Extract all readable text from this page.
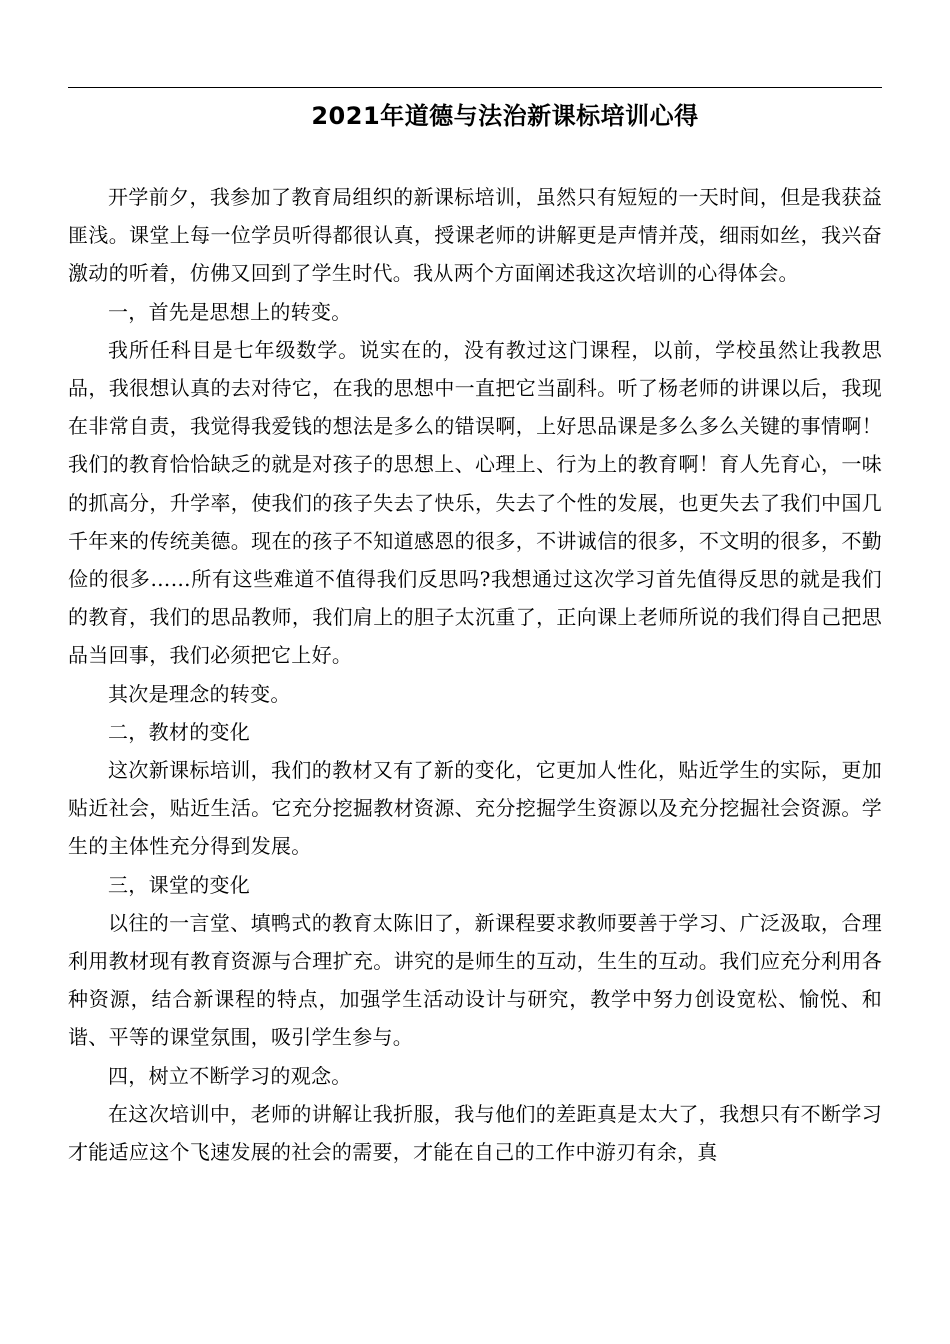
2021年道德与法治新课标培训心得

开学前夕，我参加了教育局组织的新课标培训，虽然只有短短的一天时间，但是我获益匪浅。课堂上每一位学员听得都很认真，授课老师的讲解更是声情并茂，细雨如丝，我兴奋激动的听着，仿佛又回到了学生时代。我从两个方面阐述我这次培训的心得体会。

一，首先是思想上的转变。

我所任科目是七年级数学。说实在的，没有教过这门课程，以前，学校虽然让我教思品，我很想认真的去对待它，在我的思想中一直把它当副科。听了杨老师的讲课以后，我现在非常自责，我觉得我爱钱的想法是多么的错误啊，上好思品课是多么多么关键的事情啊！我们的教育恰恰缺乏的就是对孩子的思想上、心理上、行为上的教育啊！育人先育心，一味的抓高分，升学率，使我们的孩子失去了快乐，失去了个性的发展，也更失去了我们中国几千年来的传统美德。现在的孩子不知道感恩的很多，不讲诚信的很多，不文明的很多，不勤俭的很多……所有这些难道不值得我们反思吗?我想通过这次学习首先值得反思的就是我们的教育，我们的思品教师，我们肩上的胆子太沉重了，正向课上老师所说的我们得自己把思品当回事，我们必须把它上好。

其次是理念的转变。

二，教材的变化

这次新课标培训，我们的教材又有了新的变化，它更加人性化，贴近学生的实际，更加贴近社会，贴近生活。它充分挖掘教材资源、充分挖掘学生资源以及充分挖掘社会资源。学生的主体性充分得到发展。

三，课堂的变化

以往的一言堂、填鸭式的教育太陈旧了，新课程要求教师要善于学习、广泛汲取，合理利用教材现有教育资源与合理扩充。讲究的是师生的互动，生生的互动。我们应充分利用各种资源，结合新课程的特点，加强学生活动设计与研究，教学中努力创设宽松、愉悦、和谐、平等的课堂氛围，吸引学生参与。

四，树立不断学习的观念。

在这次培训中，老师的讲解让我折服，我与他们的差距真是太大了，我想只有不断学习才能适应这个飞速发展的社会的需要，才能在自己的工作中游刃有余，真
